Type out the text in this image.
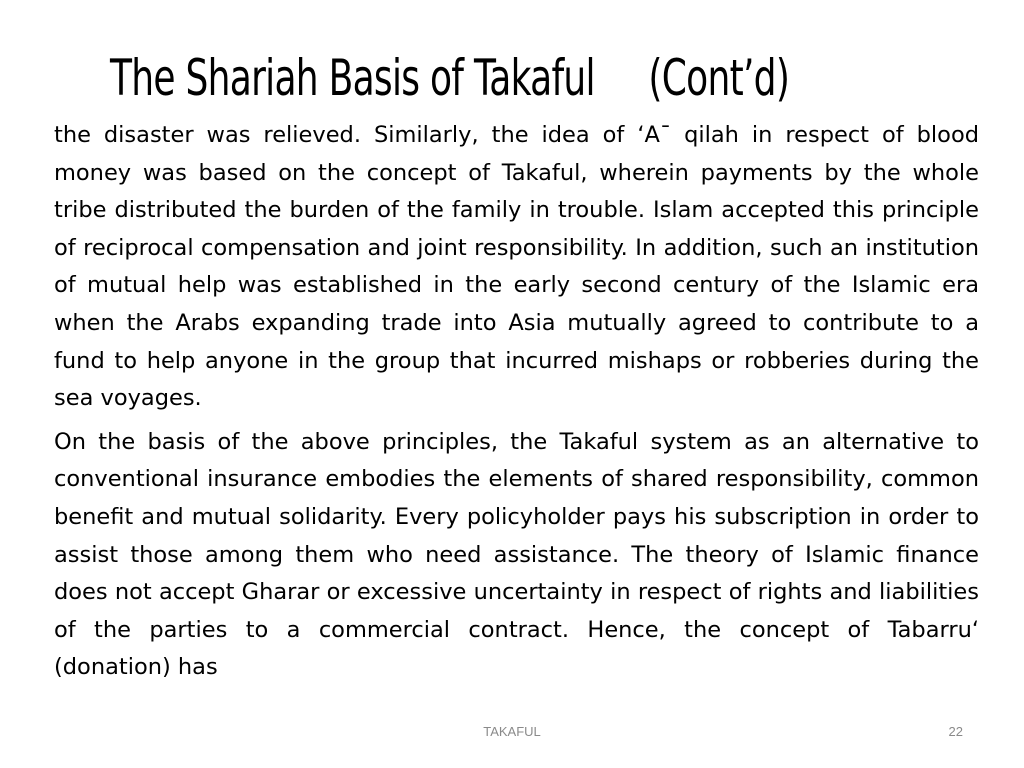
The Shariah Basis of Takaful     (Cont’d)

the disaster was relieved. Similarly, the idea of ‘A¯ qilah in respect of blood money was based on the concept of Takaful, wherein payments by the whole tribe distributed the burden of the family in trouble. Islam accepted this principle of reciprocal compensation and joint responsibility. In addition, such an institution of mutual help was established in the early second century of the Islamic era when the Arabs expanding trade into Asia mutually agreed to contribute to a fund to help anyone in the group that incurred mishaps or robberies during the sea voyages.

On the basis of the above principles, the Takaful system as an alternative to conventional insurance embodies the elements of shared responsibility, common benefit and mutual solidarity. Every policyholder pays his subscription in order to assist those among them who need assistance. The theory of Islamic finance does not accept Gharar or excessive uncertainty in respect of rights and liabilities of the parties to a commercial contract. Hence, the concept of Tabarru‘ (donation) has

TAKAFUL	22
